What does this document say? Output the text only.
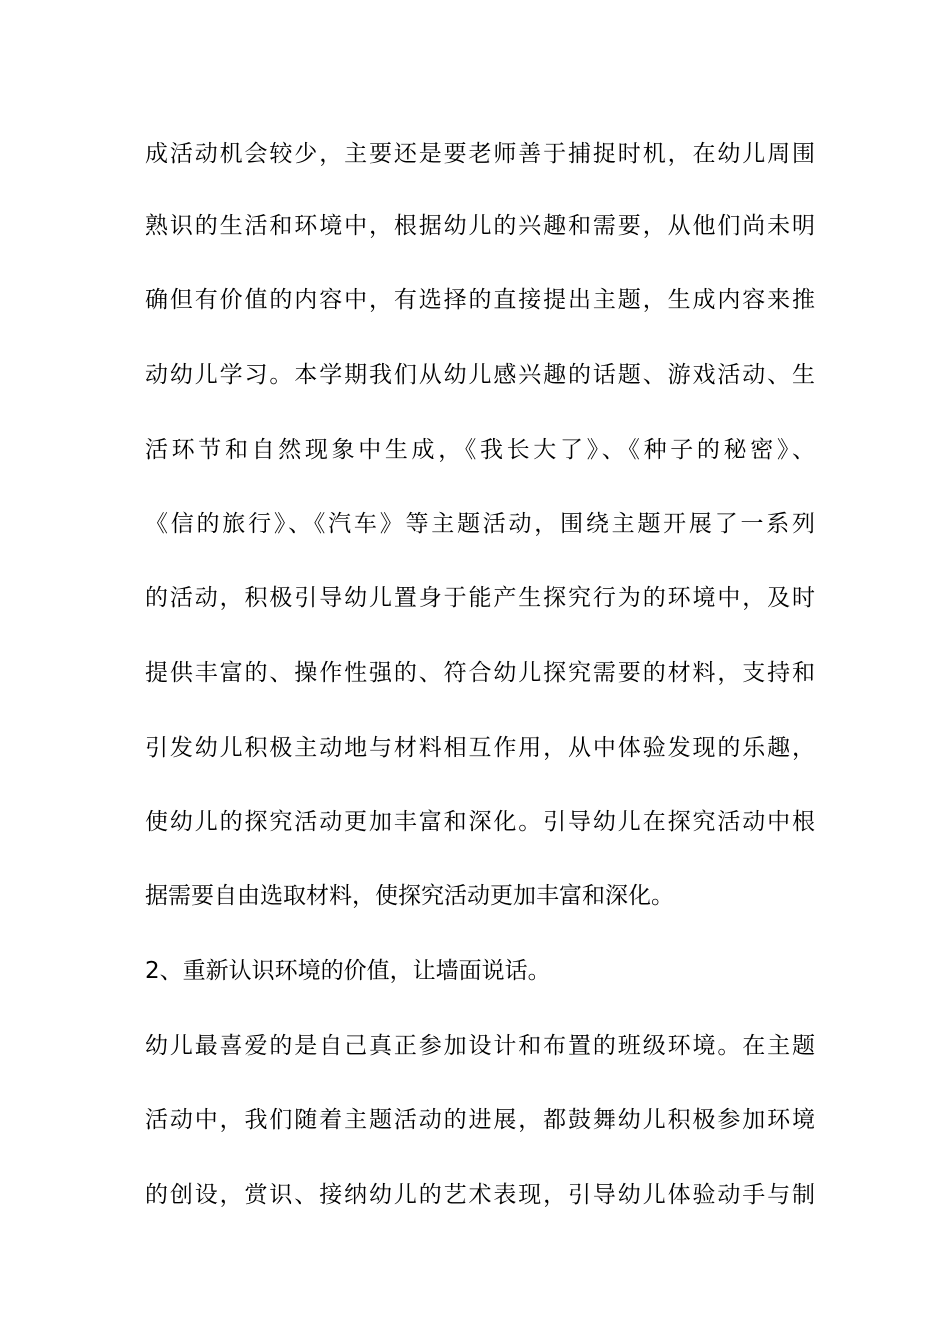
成活动机会较少，主要还是要老师善于捕捉时机，在幼儿周围
熟识的生活和环境中，根据幼儿的兴趣和需要，从他们尚未明
确但有价值的内容中，有选择的直接提出主题，生成内容来推
动幼儿学习。本学期我们从幼儿感兴趣的话题、游戏活动、生
活环节和自然现象中生成，《我长大了》、《种子的秘密》、
《信的旅行》、《汽车》等主题活动，围绕主题开展了一系列
的活动，积极引导幼儿置身于能产生探究行为的环境中，及时
提供丰富的、操作性强的、符合幼儿探究需要的材料，支持和
引发幼儿积极主动地与材料相互作用，从中体验发现的乐趣，
使幼儿的探究活动更加丰富和深化。引导幼儿在探究活动中根
据需要自由选取材料，使探究活动更加丰富和深化。
2、重新认识环境的价值，让墙面说话。
幼儿最喜爱的是自己真正参加设计和布置的班级环境。在主题
活动中，我们随着主题活动的进展，都鼓舞幼儿积极参加环境
的创设，赏识、接纳幼儿的艺术表现，引导幼儿体验动手与制
